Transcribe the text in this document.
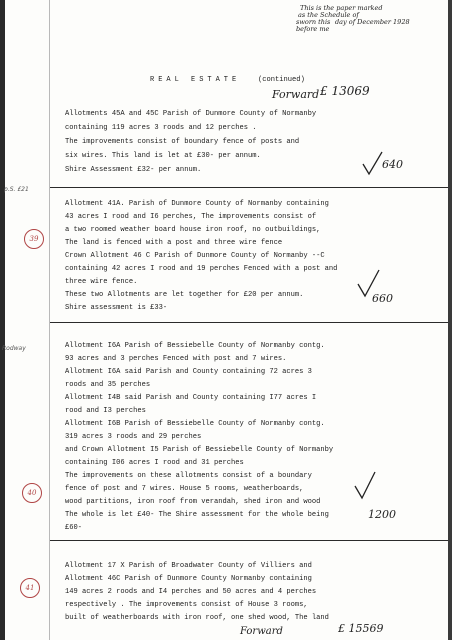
This is the paper marked
as the Schedule of
sworn this day of December 1928
before me
REAL ESTATE	(continued)
Forward £ 13069
Allotments 45A and 45C Parish of Dunmore County of Normanby
containing 119 acres 3 roods and 12 perches .
The improvements consist of boundary fence of posts and
six wires. This land is let at £30- per annum.
Shire Assessment £32- per annum.	640
p.S. £21
39
Allotment 41A. Parish of Dunmore County of Normanby containing
43 acres I rood and I6 perches, The improvements consist of
a two roomed weather board house iron roof, no outbuildings,
The land is fenced with a post and three wire fence
Crown Allotment 46 C Parish of Dunmore County of Normanby --C
containing 42 acres I rood and 19 perches Fenced with a post and
three wire fence.
These two Allotments are let together for £20 per annum.
Shire assessment is £33-
660
Rodway
40
Allotment I6A Parish of Bessiebelle County of Normanby contg.
93 acres and 3 perches Fenced with post and 7 wires.
Allotment I6A said Parish and County containing 72 acres 3
roods and 35 perches
Allotment I4B said Parish and County containing I77 acres I
rood and I3 perches
Allotment I6B Parish of Bessiebelle County of Normanby contg.
319 acres 3 roods and 29 perches
and Crown Allotment I5 Parish of Bessiebelle County of Normanby
containing I06 acres I rood and 31 perches
The improvements on these allotments consist of a boundary
fence of post and 7 wires. House 5 rooms, weatherboards,
wood partitions, iron roof from verandah, shed iron and wood
The whole is let £40- The Shire assessment for the whole being
£60-
1200
41
Allotment 17 X Parish of Broadwater County of Villiers and
Allotment 46C Parish of Dunmore County Normanby containing
149 acres 2 roods and I4 perches and 50 acres and 4 perches
respectively . The improvements consist of House 3 rooms,
built of weatherboards with iron roof, one shed wood, The land
Forward	£ 15569
